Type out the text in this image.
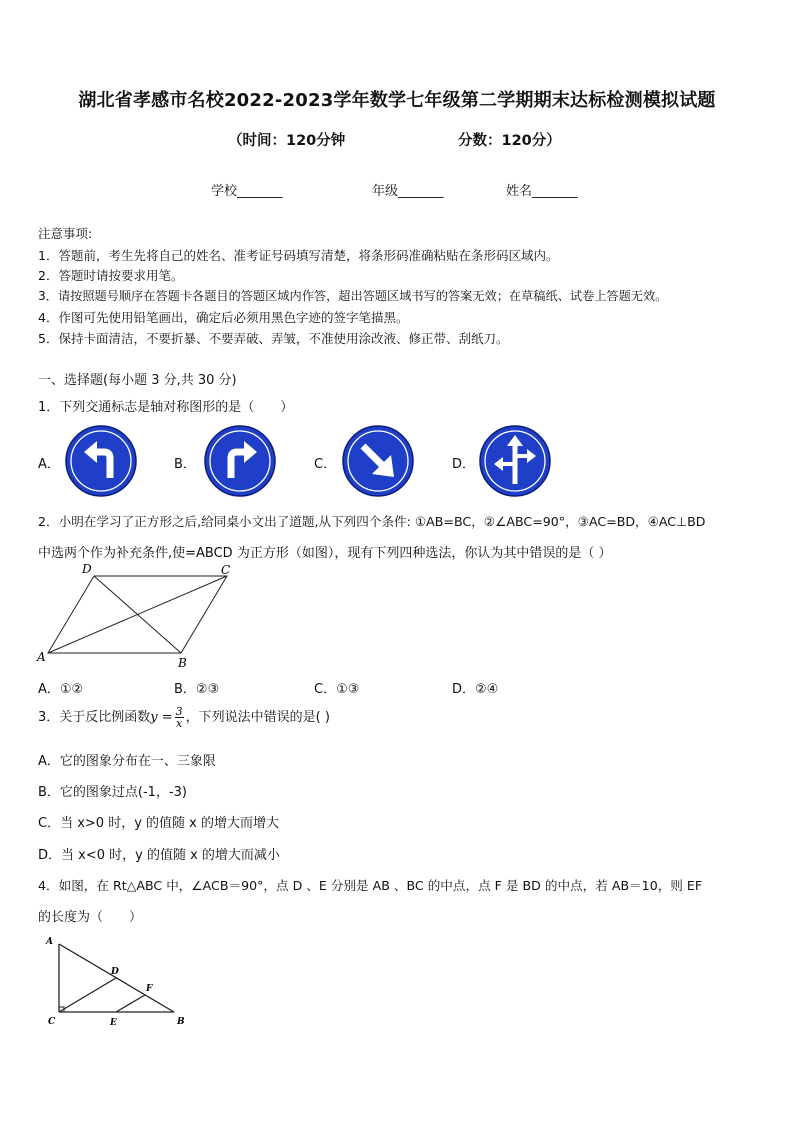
湖北省孝感市名校2022-2023学年数学七年级第二学期期末达标检测模拟试题
（时间：120分钟	分数：120分）
学校_______	年级_______	姓名_______
注意事项:
1．答题前，考生先将自己的姓名、准考证号码填写清楚，将条形码准确粘贴在条形码区域内。
2．答题时请按要求用笔。
3．请按照题号顺序在答题卡各题目的答题区域内作答，超出答题区域书写的答案无效；在草稿纸、试卷上答题无效。
4．作图可先使用铅笔画出，确定后必须用黑色字迹的签字笔描黑。
5．保持卡面清洁，不要折暴、不要弄破、弄皱，不准使用涂改液、修正带、刮纸刀。
一、选择题(每小题 3 分,共 30 分)
1．下列交通标志是轴对称图形的是（　　）
A．	B．	C．	D．
2．小明在学习了正方形之后,给同桌小文出了道题,从下列四个条件: ①AB=BC，②∠ABC=90°，③AC=BD，④AC⊥BD
中选两个作为补充条件,使=ABCD 为正方形（如图），现有下列四种选法，你认为其中错误的是（ ）
A	B
C
D
A．①②	B．②③	C．①③	D．②④
3．关于反比例函数$y = \frac{3}{x}$ ，下列说法中错误的是( )
A．它的图象分布在一、三象限
B．它的图象过点(-1，-3)
C．当 x>0 时，y 的值随 x 的增大而增大
D．当 x<0 时，y 的值随 x 的增大而减小
4．如图，在 Rt△ABC 中，∠ACB＝90°，点 D 、E 分别是 AB 、BC 的中点，点 F 是 BD 的中点，若 AB＝10，则 EF
的长度为（　　）
A
B
C
D
E
F
